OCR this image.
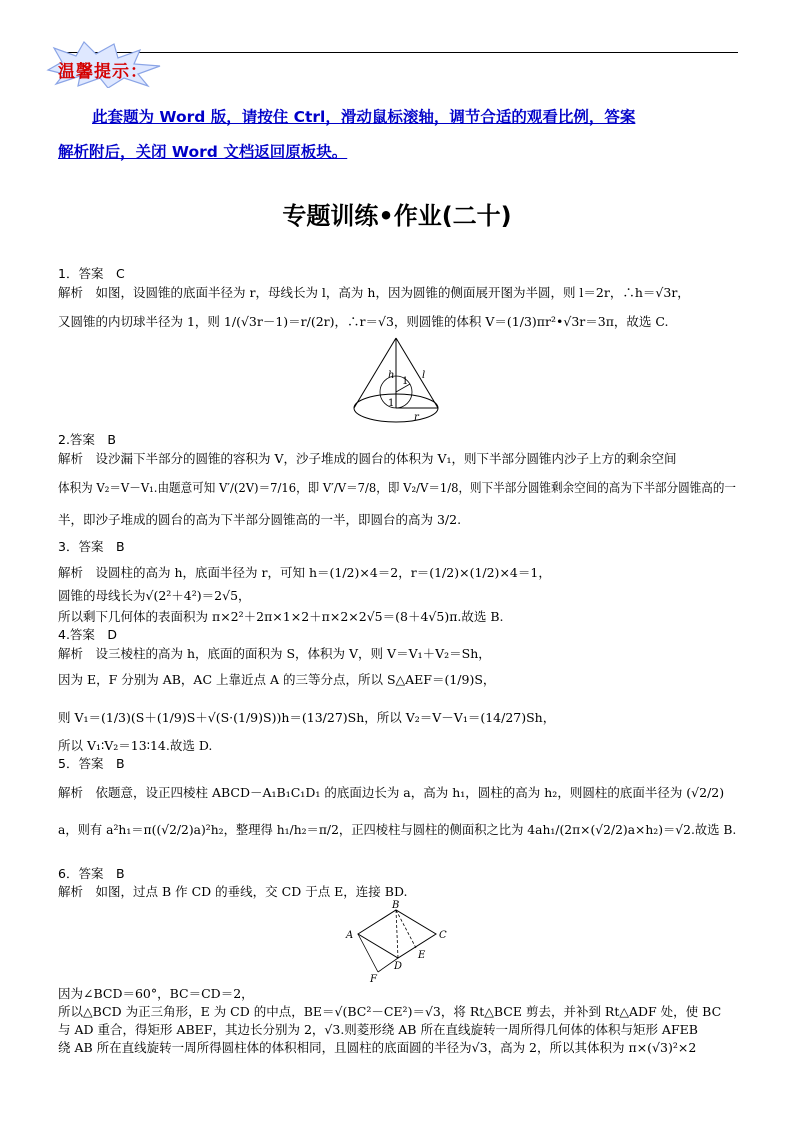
温馨提示：
此套题为 Word 版，请按住 Ctrl，滑动鼠标滚轴，调节合适的观看比例，答案
解析附后，关闭 Word 文档返回原板块。
专题训练•作业(二十)
1．答案　C
解析　如图，设圆锥的底面半径为 r，母线长为 l，高为 h，因为圆锥的侧面展开图为半圆，则 l＝2r，∴h＝√3r，
又圆锥的内切球半径为 1，则 1/(√3r－1)＝r/(2r)，∴r＝√3，则圆锥的体积 V＝(1/3)πr²•√3r＝3π，故选 C.
h
1
l
1
r
2.答案　B
解析　设沙漏下半部分的圆锥的容积为 V，沙子堆成的圆台的体积为 V₁，则下半部分圆锥内沙子上方的剩余空间
体积为 V₂＝V－V₁.由题意可知 V′/(2V)＝7/16，即 V′/V＝7/8，即 V₂/V＝1/8，则下半部分圆锥剩余空间的高为下半部分圆锥高的一
半，即沙子堆成的圆台的高为下半部分圆锥高的一半，即圆台的高为 3/2.
3．答案　B
解析　设圆柱的高为 h，底面半径为 r，可知 h＝(1/2)×4＝2，r＝(1/2)×(1/2)×4＝1，
圆锥的母线长为√(2²＋4²)＝2√5，
所以剩下几何体的表面积为 π×2²＋2π×1×2＋π×2×2√5＝(8＋4√5)π.故选 B.
4.答案　D
解析　设三棱柱的高为 h，底面的面积为 S，体积为 V，则 V＝V₁＋V₂＝Sh，
因为 E，F 分别为 AB，AC 上靠近点 A 的三等分点，所以 S△AEF＝(1/9)S，
则 V₁＝(1/3)(S＋(1/9)S＋√(S·(1/9)S))h＝(13/27)Sh，所以 V₂＝V－V₁＝(14/27)Sh，
所以 V₁∶V₂＝13∶14.故选 D.
5．答案　B
解析　依题意，设正四棱柱 ABCD－A₁B₁C₁D₁ 的底面边长为 a，高为 h₁，圆柱的高为 h₂，则圆柱的底面半径为 (√2/2)
a，则有 a²h₁＝π((√2/2)a)²h₂，整理得 h₁/h₂＝π/2，正四棱柱与圆柱的侧面积之比为 4ah₁/(2π×(√2/2)a×h₂)＝√2.故选 B.
6．答案　B
解析　如图，过点 B 作 CD 的垂线，交 CD 于点 E，连接 BD.
A
B
C
D
E
F
因为∠BCD＝60°，BC＝CD＝2，
所以△BCD 为正三角形，E 为 CD 的中点，BE＝√(BC²－CE²)＝√3，将 Rt△BCE 剪去，并补到 Rt△ADF 处，使 BC
与 AD 重合，得矩形 ABEF，其边长分别为 2，√3.则菱形绕 AB 所在直线旋转一周所得几何体的体积与矩形 AFEB
绕 AB 所在直线旋转一周所得圆柱体的体积相同，且圆柱的底面圆的半径为√3，高为 2，所以其体积为 π×(√3)²×2
